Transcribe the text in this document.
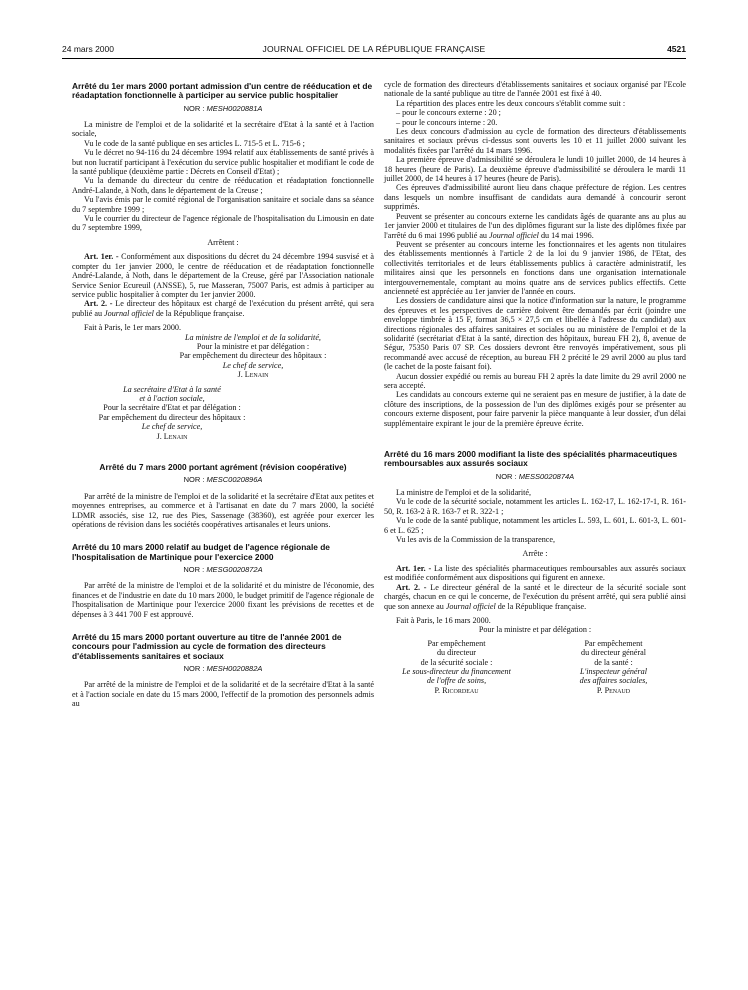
24 mars 2000	JOURNAL OFFICIEL DE LA RÉPUBLIQUE FRANÇAISE	4521
Arrêté du 1er mars 2000 portant admission d'un centre de rééducation et de réadaptation fonctionnelle à participer au service public hospitalier
NOR : MESH0020881A

La ministre de l'emploi et de la solidarité et la secrétaire d'Etat à la santé et à l'action sociale,

Vu le code de la santé publique en ses articles L. 715-5 et L. 715-6 ;

Vu le décret no 94-116 du 24 décembre 1994 relatif aux établissements de santé privés à but non lucratif participant à l'exécution du service public hospitalier et modifiant le code de la santé publique (deuxième partie : Décrets en Conseil d'Etat) ;

Vu la demande du directeur du centre de rééducation et réadaptation fonctionnelle André-Lalande, à Noth, dans le département de la Creuse ;

Vu l'avis émis par le comité régional de l'organisation sanitaire et sociale dans sa séance du 7 septembre 1999 ;

Vu le courrier du directeur de l'agence régionale de l'hospitalisation du Limousin en date du 7 septembre 1999,

Arrêtent :

Art. 1er. - Conformément aux dispositions du décret du 24 décembre 1994 susvisé et à compter du 1er janvier 2000, le centre de rééducation et de réadaptation fonctionnelle André-Lalande, à Noth, dans le département de la Creuse, géré par l'Association nationale Service Senior Ecureuil (ANSSE), 5, rue Masseran, 75007 Paris, est admis à participer au service public hospitalier à compter du 1er janvier 2000.

Art. 2. - Le directeur des hôpitaux est chargé de l'exécution du présent arrêté, qui sera publié au Journal officiel de la République française.

Fait à Paris, le 1er mars 2000.

La ministre de l'emploi et de la solidarité,
Pour la ministre et par délégation :
Par empêchement du directeur des hôpitaux :
Le chef de service,
J. Lenain
La secrétaire d'Etat à la santé
et à l'action sociale,
Pour la secrétaire d'Etat et par délégation :
Par empêchement du directeur des hôpitaux :
Le chef de service,
J. Lenain
Arrêté du 7 mars 2000 portant agrément (révision coopérative)
NOR : MESC0020896A

Par arrêté de la ministre de l'emploi et de la solidarité et la secrétaire d'Etat aux petites et moyennes entreprises, au commerce et à l'artisanat en date du 7 mars 2000, la société LDMR associés, sise 12, rue des Pies, Sassenage (38360), est agréée pour exercer les opérations de révision dans les sociétés coopératives artisanales et leurs unions.

Arrêté du 10 mars 2000 relatif au budget de l'agence régionale de l'hospitalisation de Martinique pour l'exercice 2000
NOR : MESG0020872A

Par arrêté de la ministre de l'emploi et de la solidarité et du ministre de l'économie, des finances et de l'industrie en date du 10 mars 2000, le budget primitif de l'agence régionale de l'hospitalisation de Martinique pour l'exercice 2000 fixant les prévisions de recettes et de dépenses à 3 441 700 F est approuvé.

Arrêté du 15 mars 2000 portant ouverture au titre de l'année 2001 de concours pour l'admission au cycle de formation des directeurs d'établissements sanitaires et sociaux
NOR : MESH0020882A

Par arrêté de la ministre de l'emploi et de la solidarité et de la secrétaire d'Etat à la santé et à l'action sociale en date du 15 mars 2000, l'effectif de la promotion des personnels admis au

cycle de formation des directeurs d'établissements sanitaires et sociaux organisé par l'Ecole nationale de la santé publique au titre de l'année 2001 est fixé à 40.

La répartition des places entre les deux concours s'établit comme suit :

– pour le concours externe : 20 ;

– pour le concours interne : 20.

Les deux concours d'admission au cycle de formation des directeurs d'établissements sanitaires et sociaux prévus ci-dessus sont ouverts les 10 et 11 juillet 2000 suivant les modalités fixées par l'arrêté du 14 mars 1996.

La première épreuve d'admissibilité se déroulera le lundi 10 juillet 2000, de 14 heures à 18 heures (heure de Paris). La deuxième épreuve d'admissibilité se déroulera le mardi 11 juillet 2000, de 14 heures à 17 heures (heure de Paris).

Ces épreuves d'admissibilité auront lieu dans chaque préfecture de région. Les centres dans lesquels un nombre insuffisant de candidats aura demandé à concourir seront supprimés.

Peuvent se présenter au concours externe les candidats âgés de quarante ans au plus au 1er janvier 2000 et titulaires de l'un des diplômes figurant sur la liste des diplômes fixée par l'arrêté du 6 mai 1996 publié au Journal officiel du 14 mai 1996.

Peuvent se présenter au concours interne les fonctionnaires et les agents non titulaires des établissements mentionnés à l'article 2 de la loi du 9 janvier 1986, de l'Etat, des collectivités territoriales et de leurs établissements publics à caractère administratif, les militaires ainsi que les personnels en fonctions dans une organisation internationale intergouvernementale, comptant au moins quatre ans de services publics effectifs. Cette ancienneté est appréciée au 1er janvier de l'année en cours.

Les dossiers de candidature ainsi que la notice d'information sur la nature, le programme des épreuves et les perspectives de carrière doivent être demandés par écrit (joindre une enveloppe timbrée à 15 F, format 36,5 × 27,5 cm et libellée à l'adresse du candidat) aux directions régionales des affaires sanitaires et sociales ou au ministère de l'emploi et de la solidarité (secrétariat d'Etat à la santé, direction des hôpitaux, bureau FH 2), 8, avenue de Ségur, 75350 Paris 07 SP. Ces dossiers devront être renvoyés impérativement, sous pli recommandé avec accusé de réception, au bureau FH 2 précité le 29 avril 2000 au plus tard (le cachet de la poste faisant foi).

Aucun dossier expédié ou remis au bureau FH 2 après la date limite du 29 avril 2000 ne sera accepté.

Les candidats au concours externe qui ne seraient pas en mesure de justifier, à la date de clôture des inscriptions, de la possession de l'un des diplômes exigés pour se présenter au concours externe disposent, pour faire parvenir la pièce manquante à leur dossier, d'un délai supplémentaire expirant le jour de la première épreuve écrite.

Arrêté du 16 mars 2000 modifiant la liste des spécialités pharmaceutiques remboursables aux assurés sociaux
NOR : MESS0020874A

La ministre de l'emploi et de la solidarité,

Vu le code de la sécurité sociale, notamment les articles L. 162-17, L. 162-17-1, R. 161-50, R. 163-2 à R. 163-7 et R. 322-1 ;

Vu le code de la santé publique, notamment les articles L. 593, L. 601, L. 601-3, L. 601-6 et L. 625 ;

Vu les avis de la Commission de la transparence,

Arrête :

Art. 1er. - La liste des spécialités pharmaceutiques remboursables aux assurés sociaux est modifiée conformément aux dispositions qui figurent en annexe.

Art. 2. - Le directeur général de la santé et le directeur de la sécurité sociale sont chargés, chacun en ce qui le concerne, de l'exécution du présent arrêté, qui sera publié ainsi que son annexe au Journal officiel de la République française.

Fait à Paris, le 16 mars 2000.

Pour la ministre et par délégation :

Par empêchement
du directeur
de la sécurité sociale :
Le sous-directeur du financement
de l'offre de soins,
P. Ricordeau
Par empêchement
du directeur général
de la santé :
L'inspecteur général
des affaires sociales,
P. Penaud
